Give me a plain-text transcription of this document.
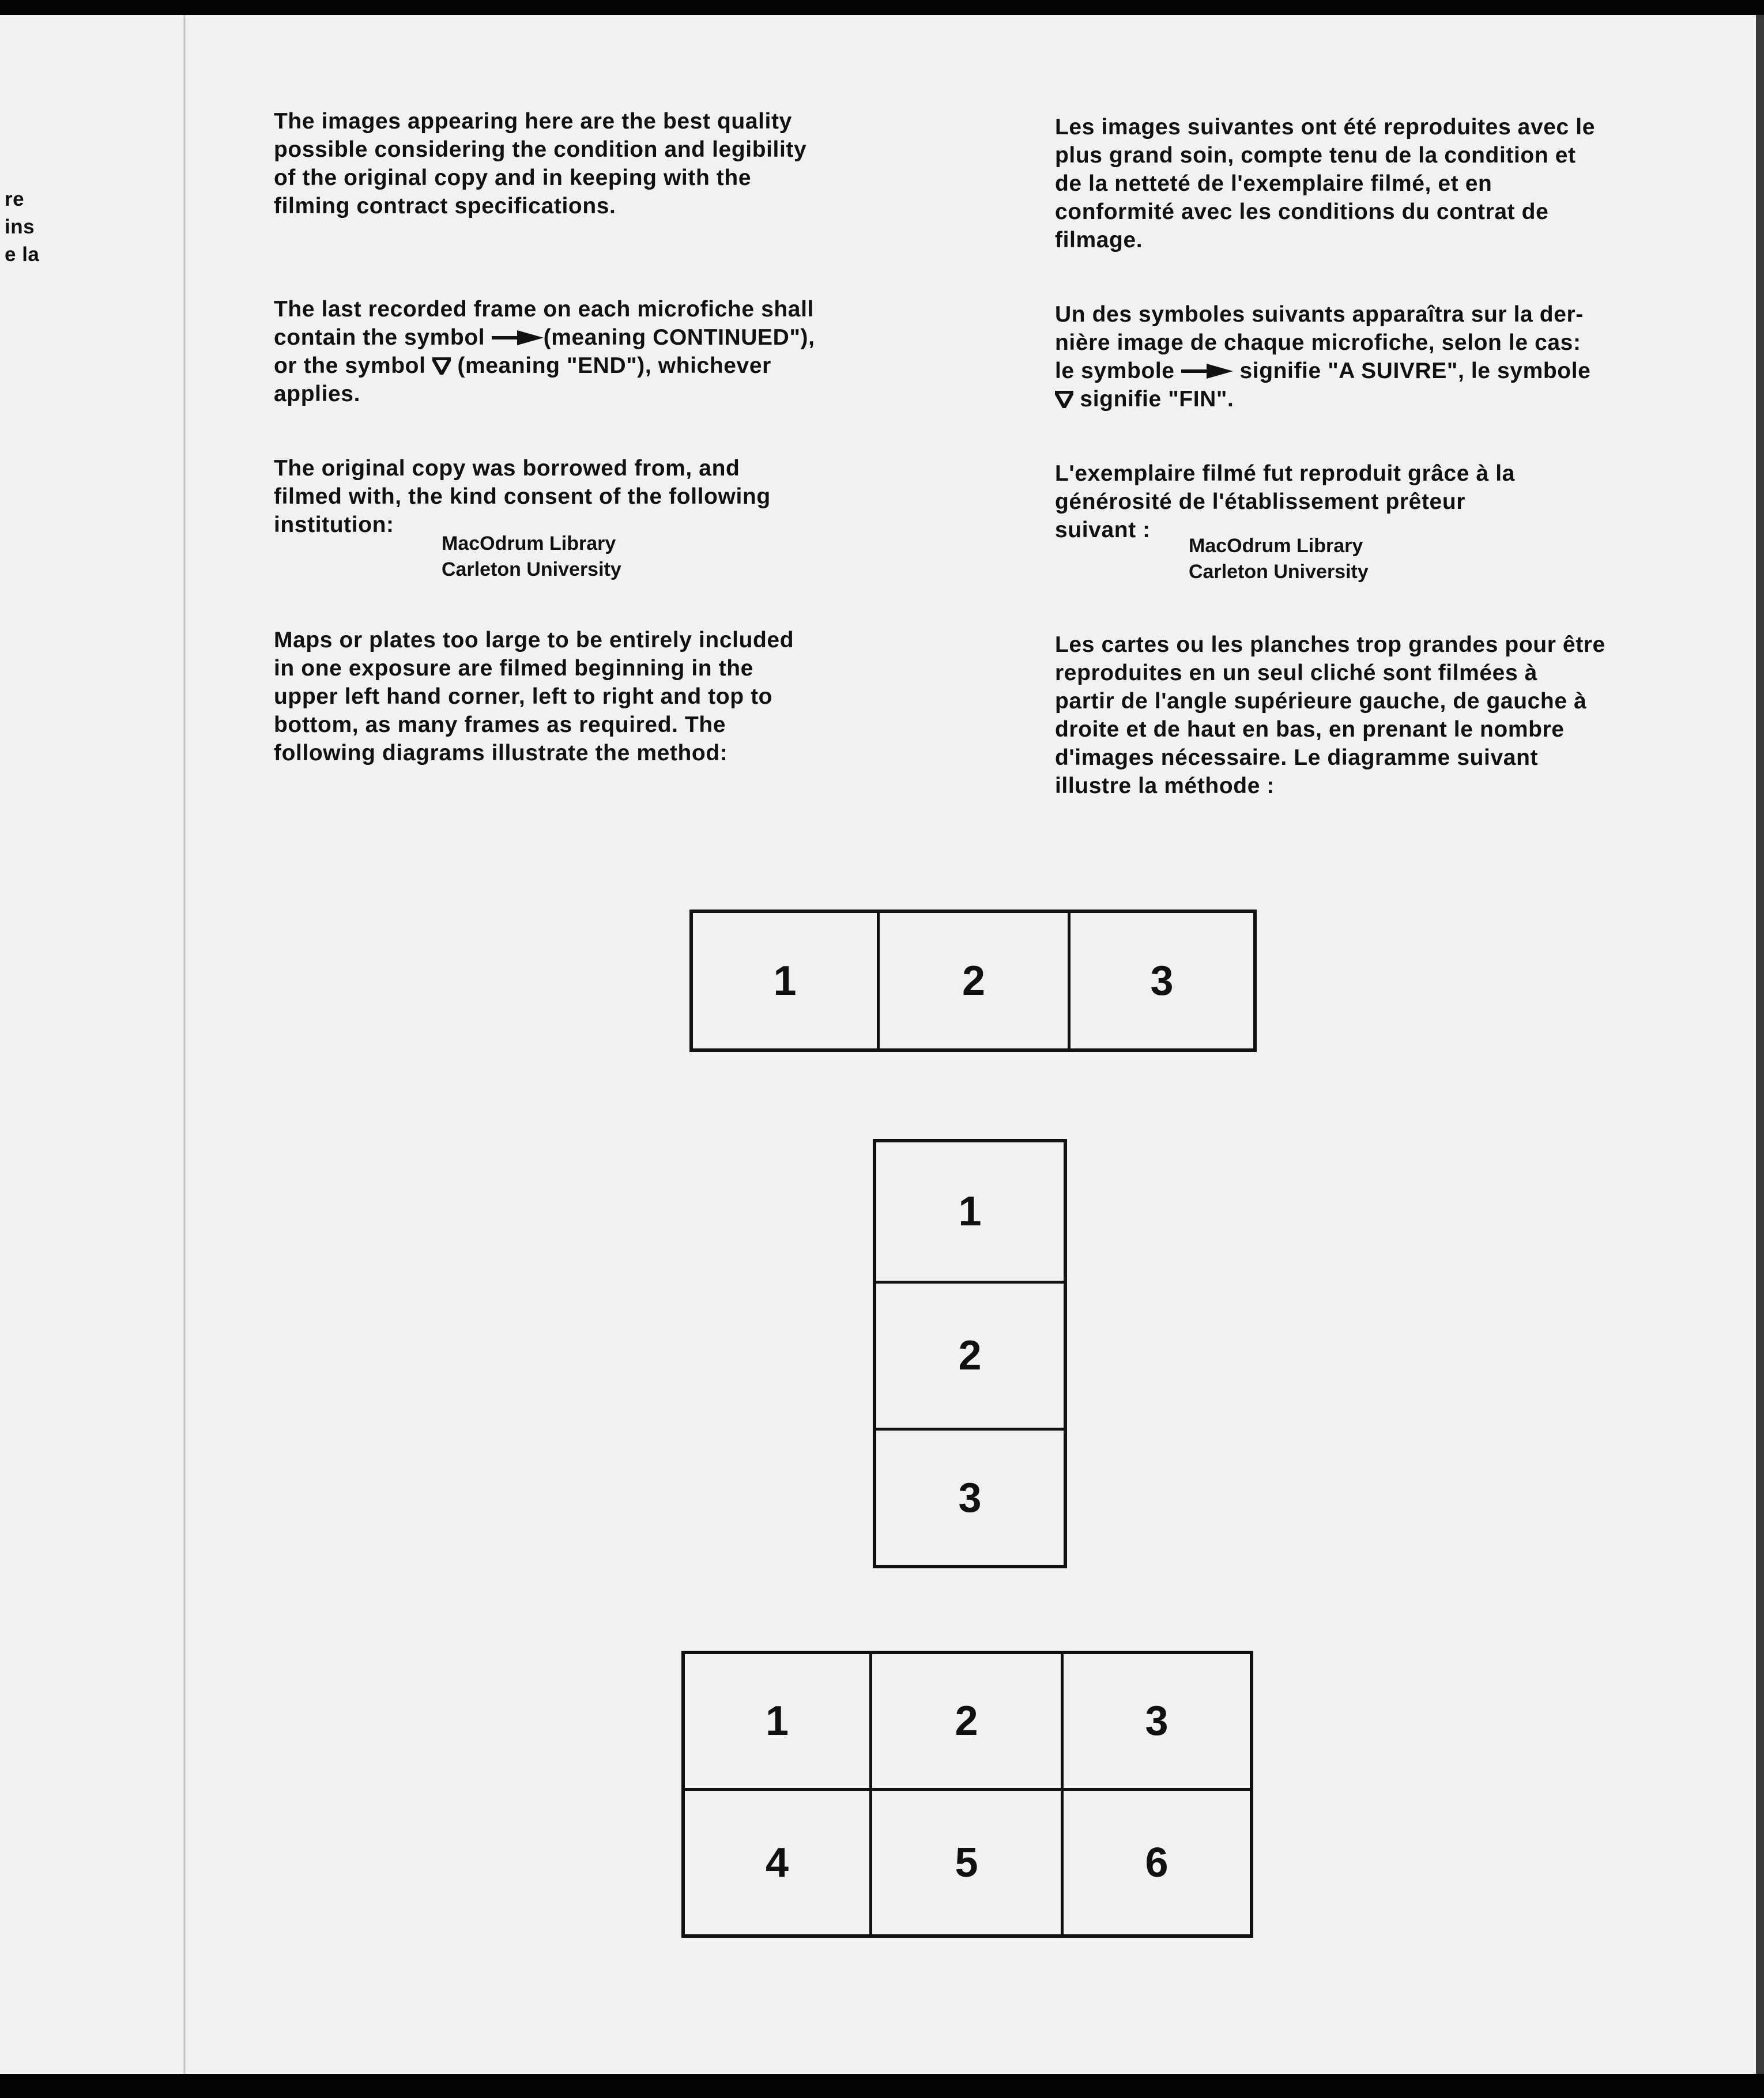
re
ins
e la
The images appearing here are the best quality
possible considering the condition and legibility
of the original copy and in keeping with the
filming contract specifications.
The last recorded frame on each microfiche shall
contain the symbol (meaning CONTINUED"),
or the symbol  (meaning "END"), whichever
applies.
The original copy was borrowed from, and
filmed with, the kind consent of the following
institution:
MacOdrum Library
Carleton University
Maps or plates too large to be entirely included
in one exposure are filmed beginning in the
upper left hand corner, left to right and top to
bottom, as many frames as required. The
following diagrams illustrate the method:
Les images suivantes ont été reproduites avec le
plus grand soin, compte tenu de la condition et
de la netteté de l'exemplaire filmé, et en
conformité avec les conditions du contrat de
filmage.
Un des symboles suivants apparaîtra sur la der-
nière image de chaque microfiche, selon le cas:
le symbole  signifie "A SUIVRE", le symbole
signifie "FIN".
L'exemplaire filmé fut reproduit grâce à la
générosité de l'établissement prêteur
suivant :
MacOdrum Library
Carleton University
Les cartes ou les planches trop grandes pour être
reproduites en un seul cliché sont filmées à
partir de l'angle supérieure gauche, de gauche à
droite et de haut en bas, en prenant le nombre
d'images nécessaire. Le diagramme suivant
illustre la méthode :
1	2	3
1
2
3
1	2	3
4	5	6
